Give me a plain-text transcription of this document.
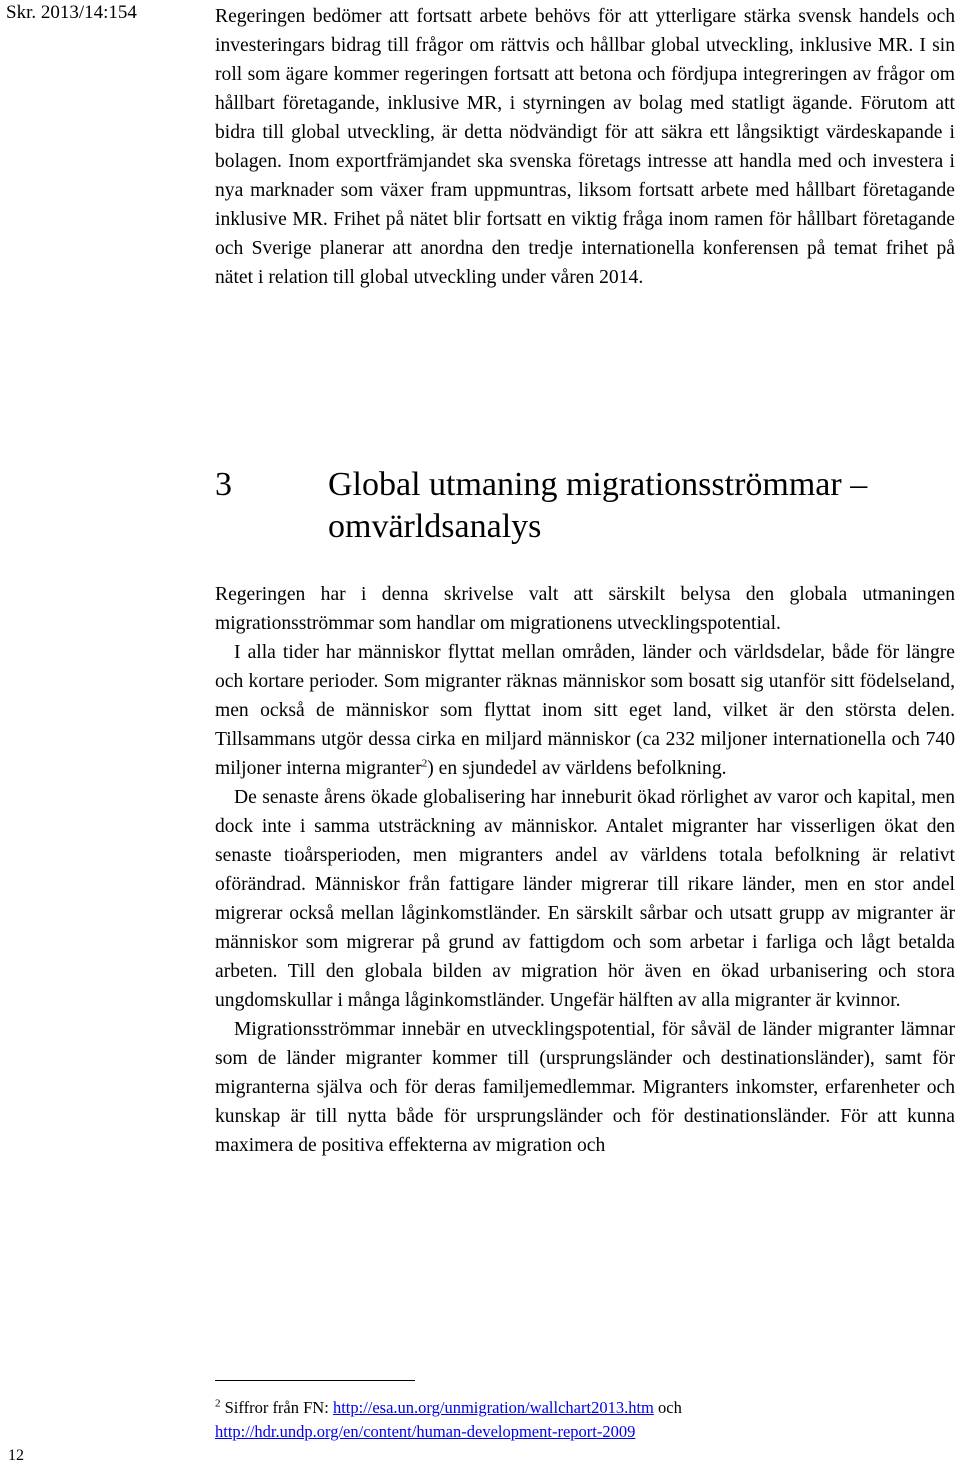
Skr. 2013/14:154	Regeringen bedömer att fortsatt arbete behövs för att ytterligare stärka svensk handels och investeringars bidrag till frågor om rättvis och hållbar global utveckling, inklusive MR. I sin roll som ägare kommer regeringen fortsatt att betona och fördjupa integreringen av frågor om hållbart företagande, inklusive MR, i styrningen av bolag med statligt ägande. Förutom att bidra till global utveckling, är detta nödvändigt för att säkra ett långsiktigt värdeskapande i bolagen. Inom exportfrämjandet ska svenska företags intresse att handla med och investera i nya marknader som växer fram uppmuntras, liksom fortsatt arbete med hållbart företagande inklusive MR. Frihet på nätet blir fortsatt en viktig fråga inom ramen för hållbart företagande och Sverige planerar att anordna den tredje internationella konferensen på temat frihet på nätet i relation till global utveckling under våren 2014.

3	Global utmaning migrationsströmmar – omvärldsanalys

Regeringen har i denna skrivelse valt att särskilt belysa den globala utmaningen migrationsströmmar som handlar om migrationens utvecklingspotential.

I alla tider har människor flyttat mellan områden, länder och världsdelar, både för längre och kortare perioder. Som migranter räknas människor som bosatt sig utanför sitt födelseland, men också de människor som flyttat inom sitt eget land, vilket är den största delen. Tillsammans utgör dessa cirka en miljard människor (ca 232 miljoner internationella och 740 miljoner interna migranter$^2$) en sjundedel av världens befolkning.

De senaste årens ökade globalisering har inneburit ökad rörlighet av varor och kapital, men dock inte i samma utsträckning av människor. Antalet migranter har visserligen ökat den senaste tioårsperioden, men migranters andel av världens totala befolkning är relativt oförändrad. Människor från fattigare länder migrerar till rikare länder, men en stor andel migrerar också mellan låginkomstländer. En särskilt sårbar och utsatt grupp av migranter är människor som migrerar på grund av fattigdom och som arbetar i farliga och lågt betalda arbeten. Till den globala bilden av migration hör även en ökad urbanisering och stora ungdomskullar i många låginkomstländer. Ungefär hälften av alla migranter är kvinnor.

Migrationsströmmar innebär en utvecklingspotential, för såväl de länder migranter lämnar som de länder migranter kommer till (ursprungsländer och destinationsländer), samt för migranterna själva och för deras familjemedlemmar. Migranters inkomster, erfarenheter och kunskap är till nytta både för ursprungsländer och för destinationsländer. För att kunna maximera de positiva effekterna av migration och

$^2$ Siffror från FN: http://esa.un.org/unmigration/wallchart2013.htm och
http://hdr.undp.org/en/content/human-development-report-2009
12
